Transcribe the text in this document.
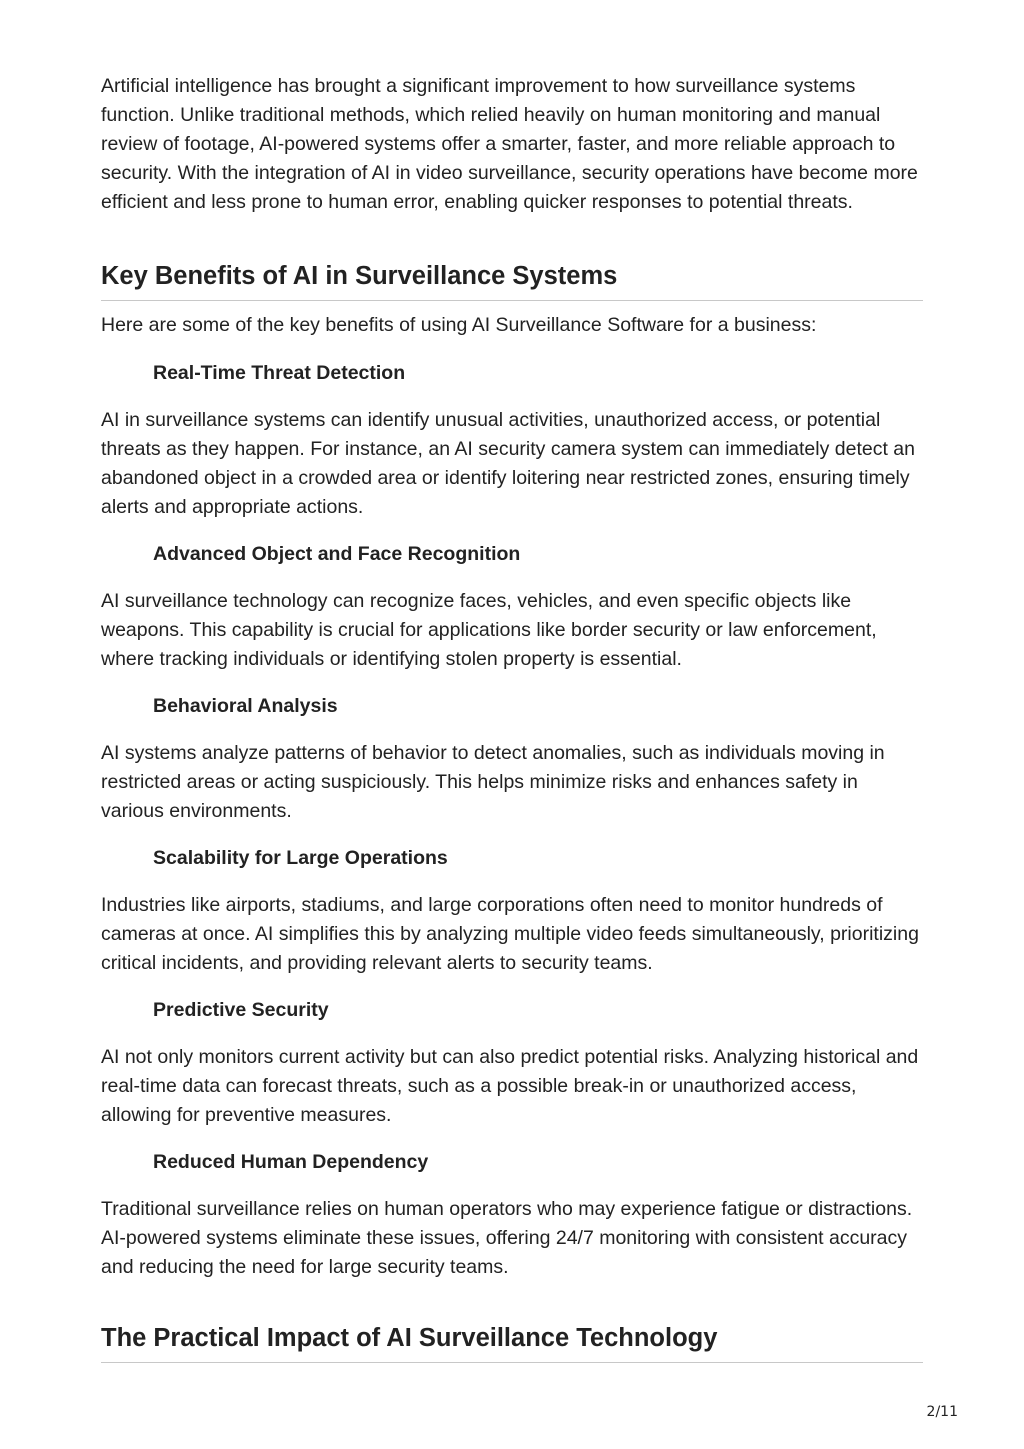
Artificial intelligence has brought a significant improvement to how surveillance systems function. Unlike traditional methods, which relied heavily on human monitoring and manual review of footage, AI-powered systems offer a smarter, faster, and more reliable approach to security. With the integration of AI in video surveillance, security operations have become more efficient and less prone to human error, enabling quicker responses to potential threats.

Key Benefits of AI in Surveillance Systems

Here are some of the key benefits of using AI Surveillance Software for a business:

Real-Time Threat Detection

AI in surveillance systems can identify unusual activities, unauthorized access, or potential threats as they happen. For instance, an AI security camera system can immediately detect an abandoned object in a crowded area or identify loitering near restricted zones, ensuring timely alerts and appropriate actions.

Advanced Object and Face Recognition

AI surveillance technology can recognize faces, vehicles, and even specific objects like weapons. This capability is crucial for applications like border security or law enforcement, where tracking individuals or identifying stolen property is essential.

Behavioral Analysis

AI systems analyze patterns of behavior to detect anomalies, such as individuals moving in restricted areas or acting suspiciously. This helps minimize risks and enhances safety in various environments.

Scalability for Large Operations

Industries like airports, stadiums, and large corporations often need to monitor hundreds of cameras at once. AI simplifies this by analyzing multiple video feeds simultaneously, prioritizing critical incidents, and providing relevant alerts to security teams.

Predictive Security

AI not only monitors current activity but can also predict potential risks. Analyzing historical and real-time data can forecast threats, such as a possible break-in or unauthorized access, allowing for preventive measures.

Reduced Human Dependency

Traditional surveillance relies on human operators who may experience fatigue or distractions. AI-powered systems eliminate these issues, offering 24/7 monitoring with consistent accuracy and reducing the need for large security teams.

The Practical Impact of AI Surveillance Technology
2/11
